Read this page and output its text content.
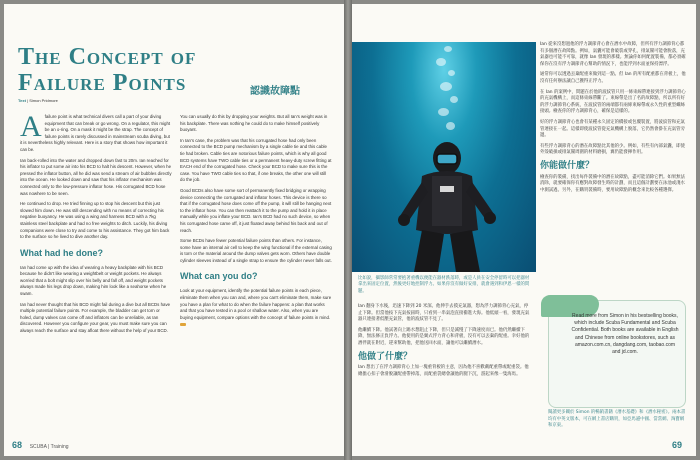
The Concept of
Failure Points	認識故障點
Text | Simon Pridmore

A failure point is what technical divers call a part of your diving equipment that can break or go wrong. On a regulator, this might be an o-ring. On a mask it might be the strap. The concept of failure points is rarely discussed in mainstream scuba diving, but it is nevertheless highly relevant. Here is a story that shows how important it can be.

Ian back-rolled into the water and dropped down fast to 20m. Ian reached for his inflator to put some air into his BCD to halt his descent. However, when he pressed the inflator button, all he did was send a stream of air bubbles directly into the ocean. He looked down and saw that his inflator mechanism was connected only to the low-pressure inflator hose. His corrugated BCD hose was nowhere to be seen.

He continued to drop. He tried finning up to stop his descent but this just slowed him down. He was still descending with no means of correcting his negative buoyancy. He was using a wing and harness BCD with a 7kg stainless steel backplate and had no free weights to ditch. Luckily, his diving companions were close to try and come to his assistance. They got him back to the surface so he lived to dive another day.

What had he done?

Ian had come up with the idea of wearing a heavy backplate with his BCD because he didn't like wearing a weightbelt or weight pockets. He always worried that a bolt might slip over his belly and fall off, and weight pockets always made his legs drop down, making him look like a seahorse when he swam.

Ian had never thought that his BCD might fail during a dive but all BCDs have multiple potential failure points. For example, the bladder can get torn or holed, dump valves can come off and inflators can be unreliable, as Ian discovered. However you configure your gear, you must make sure you can always reach the surface and stay afloat there without the help of your BCD.

You can usually do this by dropping your weights. But all Ian's weight was in his backplate. There was nothing he could do to make himself positively buoyant.

In Ian's case, the problem was that his corrugated hose had only been connected to the BCD pump mechanism by a single cable tie and this cable tie had broken. Cable ties are notorious failure points, which is why all good BCD systems have TWO cable ties or a permanent heavy-duty screw fitting at EACH end of the corrugated hose. Check your BCD to make sure this is the case. You have TWO cable ties so that, if one breaks, the other one will still do the job.

Good BCDs also have some sort of permanently fixed bridging or wrapping device connecting the corrugated and inflator hoses. This device is there so that if the corrugated hose does come off the pump, it will still be hanging next to the inflator hose. You can then reattach it to the pump and hold it in place manually while you inflate your BCD. Ian's BCD had no such device, so when his corrugated hose came off, it just floated away behind his back and out of reach.

Some BCDs have fewer potential failure points than others. For instance, some have an internal air cell to keep the wing functional if the external casing is torn or the material around the dump valves gets worn. Others have double cylinder sleeves instead of a single strap to ensure the cylinder never falls out.

What can you do?

Look at your equipment, identify the potential failure points in each piece, eliminate them when you can and, where you can't eliminate them, make sure you have a plan for what to do when the failure happens: a plan that works and that you have tested in a pool or shallow water. Also, when you are buying equipment, compare options with the concept of failure points in mind.

68 SCUBA | Training

比如說，攝影師常常要抱著重機以便能在器材跌落時，或是人員在安全停留時可以把器材拿出來固定位置，然後更好地控制浮力。如果你沒有做好安排，就會遇到和伊恩一樣的問題。

Ian 翻身下水後，迅速下降到 20 米深。他伸手去摸充氣器，想為浮力調節背心充氣，停止下降。但當他按下充氣按鈕時，只看到一串氣泡直接衝進大海。他低頭一看，發現充氣器只連接著低壓充氣管，他的波紋管不見了。

他繼續下降。他試著向上踢水想阻止下降，但只是減慢了下降速度而已。他仍然繼續下降，無法修正負浮力。他使用的是翼式浮力背心和背板，沒有可以丟棄的配重。幸好他的潛伴就在附近，趕來幫助他，把他送回水面，讓他可以繼續潛水。

他做了什麼？

Ian 想出了在浮力調節背心上加一塊重背板的主意，因為他不喜歡戴配重帶或配重袋。他總擔心扣子會滑脫讓配重帶掉落，而配重袋總會讓他的腿下沉，游起來像一隻海馬。

Ian 從來沒想過他的浮力調節背心會在潛水中故障，但所有浮力調節背心都有多個潛在故障點。例如，氣囊可能會破裂或穿孔，排氣閥可能會脫落，充氣器也可能不可靠，就像 Ian 發現的那樣。無論你如何配置裝備，都必須確保你在沒有浮力調節背心幫助的情況下，也能浮到水面並保持漂浮。

通常你可以透過丟棄配重來做到這一點。但 Ian 的所有配重都在背板上，他沒有任何辦法讓自己獲得正浮力。

在 Ian 的案例中，問題在於他的波紋管只用一條束線帶連接到浮力調節背心的充氣機構上，而這條束線帶斷了。束線帶是出了名的故障點，所以所有好的浮力調節背心系統，在波紋管的兩端都有兩條束線帶或永久性的重型螺絲接頭。檢查你的浮力調節背心，確保是這樣的。

好的浮力調節背心也會有某種永久固定的橋接或包覆裝置，將波紋管和充氣管連接在一起。這樣即使波紋管從充氣機構上脫落，它仍然會掛在充氣管旁邊。

有些浮力調節背心的潛在故障點比其他的少。例如，有些有內部氣囊，即使外殼破損或排氣閥周圍的材料磨損，翼仍能發揮作用。

你能做什麼？

檢查你的裝備，找出每件裝備中的潛在故障點，盡可能消除它們。如果無法消除，就要確保你有應對故障發生時的計劃，而且這個計劃要在泳池或淺水中測試過。另外，在購買裝備時，要用故障點的概念來比較各種選擇。

Read more from Simon in his bestselling books, which include Scuba Fundamental and Scuba Confidential. Both books are available in English and Chinese from online bookstores, such as amazon.com.cn, dangdang.com, taobao.com and jd.com.

閱讀更多關於 Simon 的暢銷書籍《潛水基礎》和《潛水秘密》。兩本書均有中英文版本，可在網上書店購買，如亞馬遜中國、當當網、淘寶網和京東。

69
